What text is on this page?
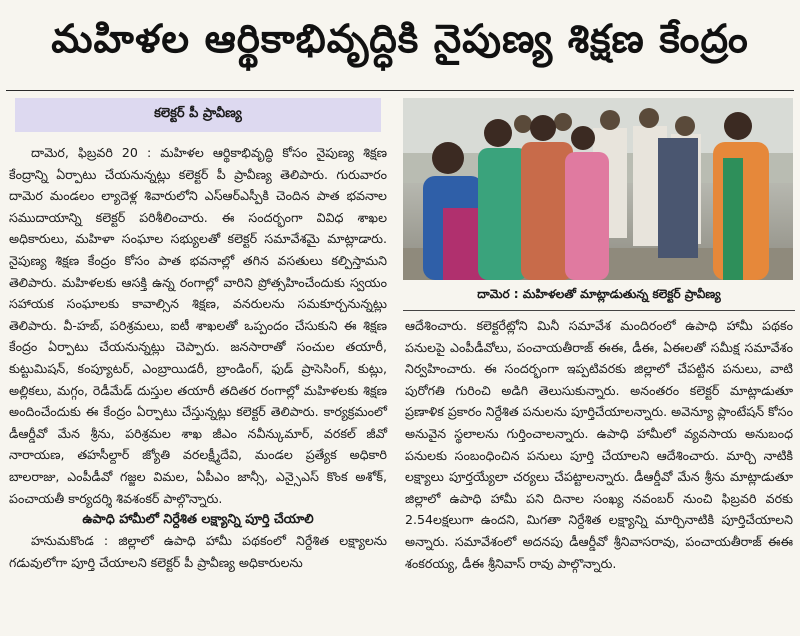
మహిళల ఆర్థికాభివృద్ధికి నైపుణ్య శిక్షణ కేంద్రం
కలెక్టర్ పీ ప్రావీణ్య

దామెర, ఫిబ్రవరి 20 : మహిళల ఆర్థికాభివృద్ధి కోసం నైపుణ్య శిక్షణ కేంద్రాన్ని ఏర్పాటు చేయనున్నట్లు కలెక్టర్ పీ ప్రావీణ్య తెలిపారు. గురువారం దామెర మండలం ల్యాదెళ్ల శివారులోని ఎస్ఆర్ఎస్పీకి చెందిన పాత భవనాల సముదాయాన్ని కలెక్టర్ పరిశీలించారు. ఈ సందర్భంగా వివిధ శాఖల అధికారులు, మహిళా సంఘాల సభ్యులతో కలెక్టర్ సమావేశమై మాట్లాడారు. నైపుణ్య శిక్షణ కేంద్రం కోసం పాత భవనాల్లో తగిన వసతులు కల్పిస్తామని తెలిపారు. మహిళలకు ఆసక్తి ఉన్న రంగాల్లో వారిని ప్రోత్సహించేందుకు స్వయం సహాయక సంఘాలకు కావాల్సిన శిక్షణ, వనరులను సమకూర్చనున్నట్లు తెలిపారు. వీ-హబ్, పరిశ్రమలు, ఐటీ శాఖలతో ఒప్పందం చేసుకుని ఈ శిక్షణ కేంద్రం ఏర్పాటు చేయనున్నట్లు చెప్పారు. జనసారాతో సంచుల తయారీ, కుట్టుమిషన్, కంప్యూటర్, ఎంబ్రాయిడరీ, బ్రాండింగ్, ఫుడ్ ప్రాసెసింగ్, కుట్లు, అల్లికలు, మగ్గం, రెడీమేడ్ దుస్తుల తయారీ తదితర రంగాల్లో మహిళలకు శిక్షణ అందించేందుకు ఈ కేంద్రం ఏర్పాటు చేస్తున్నట్లు కలెక్టర్ తెలిపారు. కార్యక్రమంలో డీఆర్డీవో మేన శ్రీను, పరిశ్రమల శాఖ జీఎం నవీన్కుమార్, వరకల్ జీవో నారాయణ, తహసీల్దార్ జ్యోతి వరలక్ష్మీదేవి, మండల ప్రత్యేక అధికారి బాలరాజు, ఎంపీడీవో గజ్జల విమల, ఏపీఎం జాన్సీ, ఎన్సైఎస్ కొంక అశోక్, పంచాయతీ కార్యదర్శి శివశంకర్ పాల్గొన్నారు.

ఉపాధి హామీలో నిర్దేశిత లక్ష్యాన్ని పూర్తి చేయాలి

హనుమకొండ : జిల్లాలో ఉపాధి హామీ పథకంలో నిర్దేశిత లక్ష్యాలను గడువులోగా పూర్తి చేయాలని కలెక్టర్ పీ ప్రావీణ్య అధికారులను

దామెర : మహిళలతో మాట్లాడుతున్న కలెక్టర్ ప్రావీణ్య

ఆదేశించారు. కలెక్టరేట్లోని మినీ సమావేశ మందిరంలో ఉపాధి హామీ పథకం పనులపై ఎంపీడీవోలు, పంచాయతీరాజ్ ఈఈ, డీఈ, ఏఈలతో సమీక్ష సమావేశం నిర్వహించారు. ఈ సందర్భంగా ఇప్పటివరకు జిల్లాలో చేపట్టిన పనులు, వాటి పురోగతి గురించి అడిగి తెలుసుకున్నారు. అనంతరం కలెక్టర్ మాట్లాడుతూ ప్రణాళిక ప్రకారం నిర్దేశిత పనులను పూర్తిచేయాలన్నారు. అవెన్యూ ప్లాంటేషన్ కోసం అనువైన స్థలాలను గుర్తించాలన్నారు. ఉపాధి హామీలో వ్యవసాయ అనుబంధ పనులకు సంబంధించిన పనులు పూర్తి చేయాలని ఆదేశించారు. మార్చి నాటికి లక్ష్యాలు పూర్తయ్యేలా చర్యలు చేపట్టాలన్నారు. డీఆర్డీవో మేన శ్రీను మాట్లాడుతూ జిల్లాలో ఉపాధి హామీ పని దినాల సంఖ్య నవంబర్ నుంచి ఫిబ్రవరి వరకు 2.54లక్షలుగా ఉందని, మిగతా నిర్దేశిత లక్ష్యాన్ని మార్చినాటికి పూర్తిచేయాలని అన్నారు. సమావేశంలో అదనపు డీఆర్డీవో శ్రీనివాసరావు, పంచాయతీరాజ్ ఈఈ శంకరయ్య, డీఈ శ్రీనివాస్ రావు పాల్గొన్నారు.
